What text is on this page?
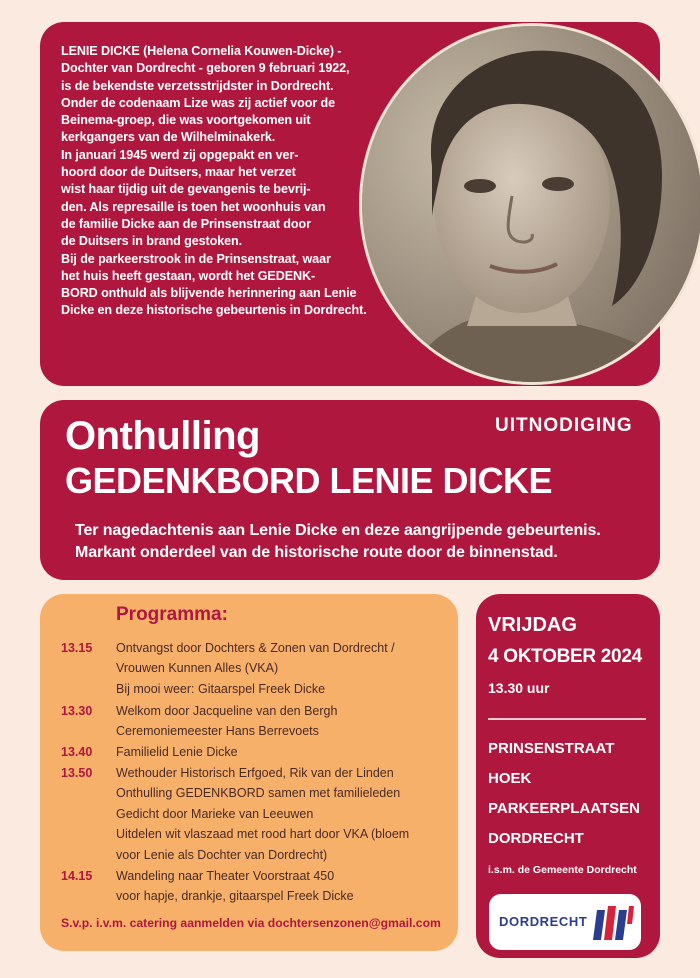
LENIE DICKE (Helena Cornelia Kouwen-Dicke) -
Dochter van Dordrecht - geboren 9 februari 1922,
is de bekendste verzetsstrijdster in Dordrecht.
Onder de codenaam Lize was zij actief voor de
Beinema-groep, die was voortgekomen uit
kerkgangers van de Wilhelminakerk.
In januari 1945 werd zij opgepakt en ver-
hoord door de Duitsers, maar het verzet
wist haar tijdig uit de gevangenis te bevrij-
den. Als represaille is toen het woonhuis van
de familie Dicke aan de Prinsenstraat door
de Duitsers in brand gestoken.
Bij de parkeerstrook in de Prinsenstraat, waar
het huis heeft gestaan, wordt het GEDENK-
BORD onthuld als blijvende herinnering aan Lenie
Dicke en deze historische gebeurtenis in Dordrecht.
Onthulling
GEDENKBORD LENIE DICKE
UITNODIGING
Ter nagedachtenis aan Lenie Dicke en deze aangrijpende gebeurtenis.
Markant onderdeel van de historische route door de binnenstad.
Programma:
13.15 Ontvangst door Dochters & Zonen van Dordrecht /
Vrouwen Kunnen Alles (VKA)
Bij mooi weer: Gitaarspel Freek Dicke
13.30 Welkom door Jacqueline van den Bergh
Ceremoniemeester Hans Berrevoets
13.40 Familielid Lenie Dicke
13.50 Wethouder Historisch Erfgoed, Rik van der Linden
Onthulling GEDENKBORD samen met familieleden
Gedicht door Marieke van Leeuwen
Uitdelen wit vlaszaad met rood hart door VKA (bloem
voor Lenie als Dochter van Dordrecht)
14.15 Wandeling naar Theater Voorstraat 450
voor hapje, drankje, gitaarspel Freek Dicke
S.v.p. i.v.m. catering aanmelden via dochtersenzonen@gmail.com
VRIJDAG
4 OKTOBER 2024
13.30 uur
PRINSENSTRAAT
HOEK
PARKEERPLAATSEN
DORDRECHT
i.s.m. de Gemeente Dordrecht
DORDRECHT
